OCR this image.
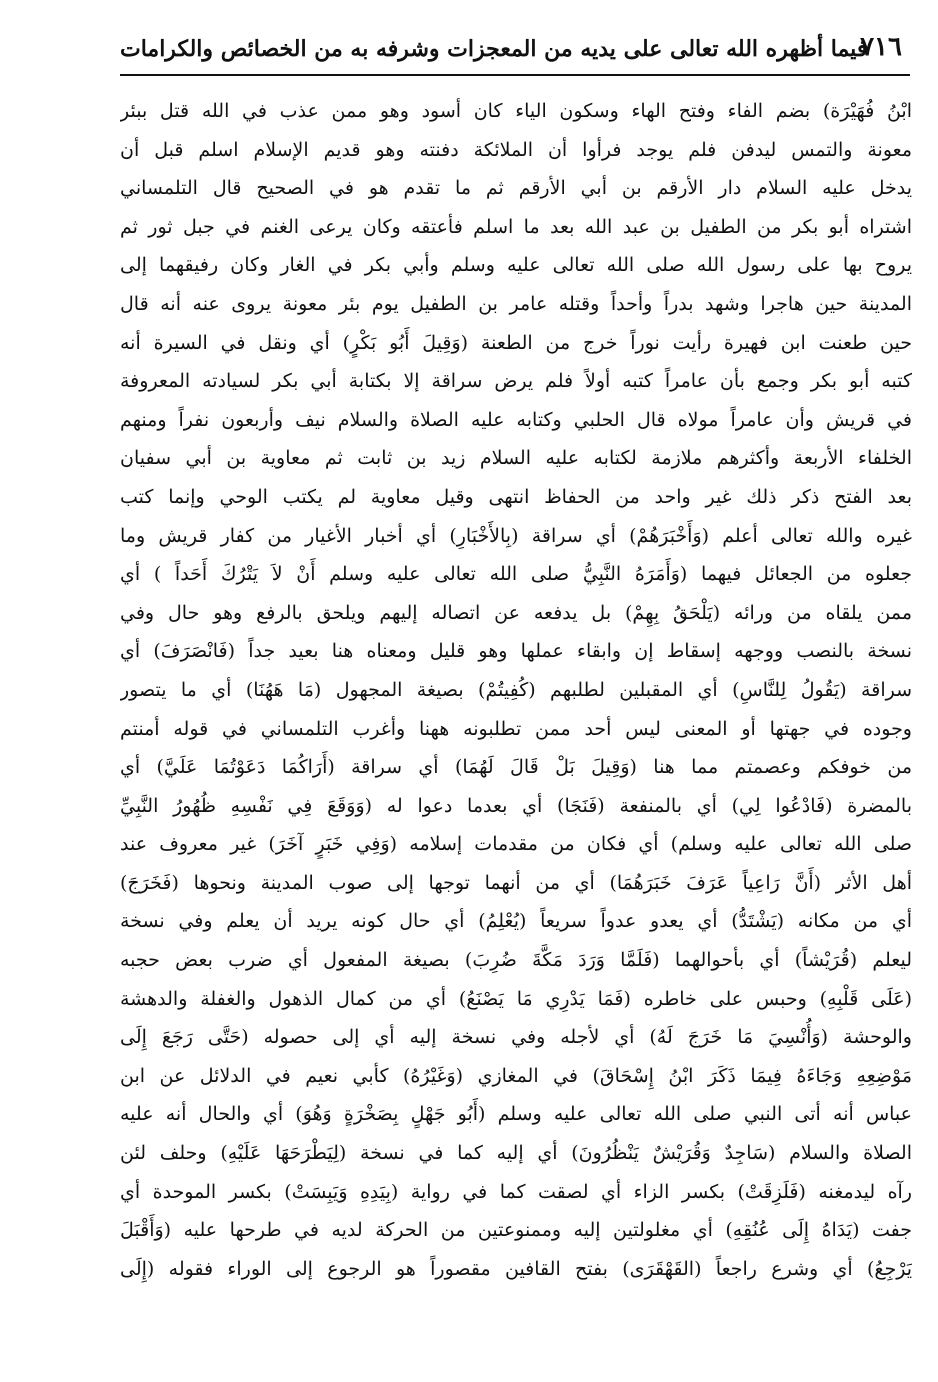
٧١٦
فيما أظهره الله تعالى على يديه من المعجزات وشرفه به من الخصائص والكرامات
ابْنُ فُهَيْرَة) بضم الفاء وفتح الهاء وسكون الياء كان أسود وهو ممن عذب في الله قتل ببئر
معونة والتمس ليدفن فلم يوجد فرأوا أن الملائكة دفنته وهو قديم الإسلام اسلم قبل أن
يدخل عليه السلام دار الأرقم بن أبي الأرقم ثم ما تقدم هو في الصحيح قال التلمساني
اشتراه أبو بكر من الطفيل بن عبد الله بعد ما اسلم فأعتقه وكان يرعى الغنم في جبل ثور ثم
يروح بها على رسول الله صلى الله تعالى عليه وسلم وأبي بكر في الغار وكان رفيقهما إلى
المدينة حين هاجرا وشهد بدراً وأحداً وقتله عامر بن الطفيل يوم بئر معونة يروى عنه أنه قال
حين طعنت ابن فهيرة رأيت نوراً خرج من الطعنة (وَقِيلَ أَبُو بَكْرٍ) أي ونقل في السيرة أنه
كتبه أبو بكر وجمع بأن عامراً كتبه أولاً فلم يرض سراقة إلا بكتابة أبي بكر لسيادته المعروفة
في قريش وأن عامراً مولاه قال الحلبي وكتابه عليه الصلاة والسلام نيف وأربعون نفراً ومنهم
الخلفاء الأربعة وأكثرهم ملازمة لكتابه عليه السلام زيد بن ثابت ثم معاوية بن أبي سفيان
بعد الفتح ذكر ذلك غير واحد من الحفاظ انتهى وقيل معاوية لم يكتب الوحي وإنما كتب
غيره والله تعالى أعلم (وَأَخْبَرَهُمْ) أي سراقة (بِالأَخْبَارِ) أي أخبار الأغيار من كفار قريش وما
جعلوه من الجعائل فيهما (وَأَمَرَهُ النَّبِيُّ صلى الله تعالى عليه وسلم أَنْ لاَ يَتْرُكَ أَحَداً ) أي
ممن يلقاه من ورائه (يَلْحَقُ بِهِمْ) بل يدفعه عن اتصاله إليهم ويلحق بالرفع وهو حال وفي
نسخة بالنصب ووجهه إسقاط إن وابقاء عملها وهو قليل ومعناه هنا بعيد جداً (فَانْصَرَفَ) أي
سراقة (يَقُولُ لِلنَّاسِ) أي المقبلين لطلبهم (كُفِيتُمْ) بصيغة المجهول (مَا هَهُنَا) أي ما يتصور
وجوده في جهتها أو المعنى ليس أحد ممن تطلبونه ههنا وأغرب التلمساني في قوله أمنتم
من خوفكم وعصمتم مما هنا (وَقِيلَ بَلْ قَالَ لَهُمَا) أي سراقة (أَرَاكُمَا دَعَوْتُمَا عَلَيَّ) أي
بالمضرة (فَادْعُوا لِي) أي بالمنفعة (فَنَجَا) أي بعدما دعوا له (وَوَقَعَ فِي نَفْسِهِ ظُهُورُ النَّبِيِّ
صلى الله تعالى عليه وسلم) أي فكان من مقدمات إسلامه (وَفِي خَبَرٍ آخَرَ) غير معروف عند
أهل الأثر (أَنَّ رَاعِياً عَرَفَ خَبَرَهُمَا) أي من أنهما توجها إلى صوب المدينة ونحوها (فَخَرَجَ)
أي من مكانه (يَشْتَدُّ) أي يعدو عدواً سريعاً (يُعْلِمُ) أي حال كونه يريد أن يعلم وفي نسخة
ليعلم (قُرَيْشاً) أي بأحوالهما (فَلَمَّا وَرَدَ مَكَّةَ ضُرِبَ) بصيغة المفعول أي ضرب بعض حجبه
(عَلَى قَلْبِهِ) وحبس على خاطره (فَمَا يَدْرِي مَا يَصْنَعُ) أي من كمال الذهول والغفلة والدهشة
والوحشة (وَأُنْسِيَ مَا خَرَجَ لَهُ) أي لأجله وفي نسخة إليه أي إلى حصوله (حَتَّى رَجَعَ إِلَى
مَوْضِعِهِ وَجَاءَهُ فِيمَا ذَكَرَ ابْنُ إِسْحَاقَ) في المغازي (وَغَيْرُهُ) كأبي نعيم في الدلائل عن ابن
عباس أنه أتى النبي صلى الله تعالى عليه وسلم (أَبُو جَهْلٍ بِصَخْرَةٍ وَهُوَ) أي والحال أنه عليه
الصلاة والسلام (سَاجِدٌ وَقُرَيْشٌ يَنْظُرُونَ) أي إليه كما في نسخة (لِيَطْرَحَهَا عَلَيْهِ) وحلف لئن
رآه ليدمغنه (فَلَزِقَتْ) بكسر الزاء أي لصقت كما في رواية (بِيَدِهِ وَيَبِسَتْ) بكسر الموحدة أي
جفت (يَدَاهُ إِلَى عُنُقِهِ) أي مغلولتين إليه وممنوعتين من الحركة لديه في طرحها عليه (وَأَقْبَلَ
يَرْجِعُ) أي وشرع راجعاً (القَهْقَرَى) بفتح القافين مقصوراً هو الرجوع إلى الوراء فقوله (إِلَى
